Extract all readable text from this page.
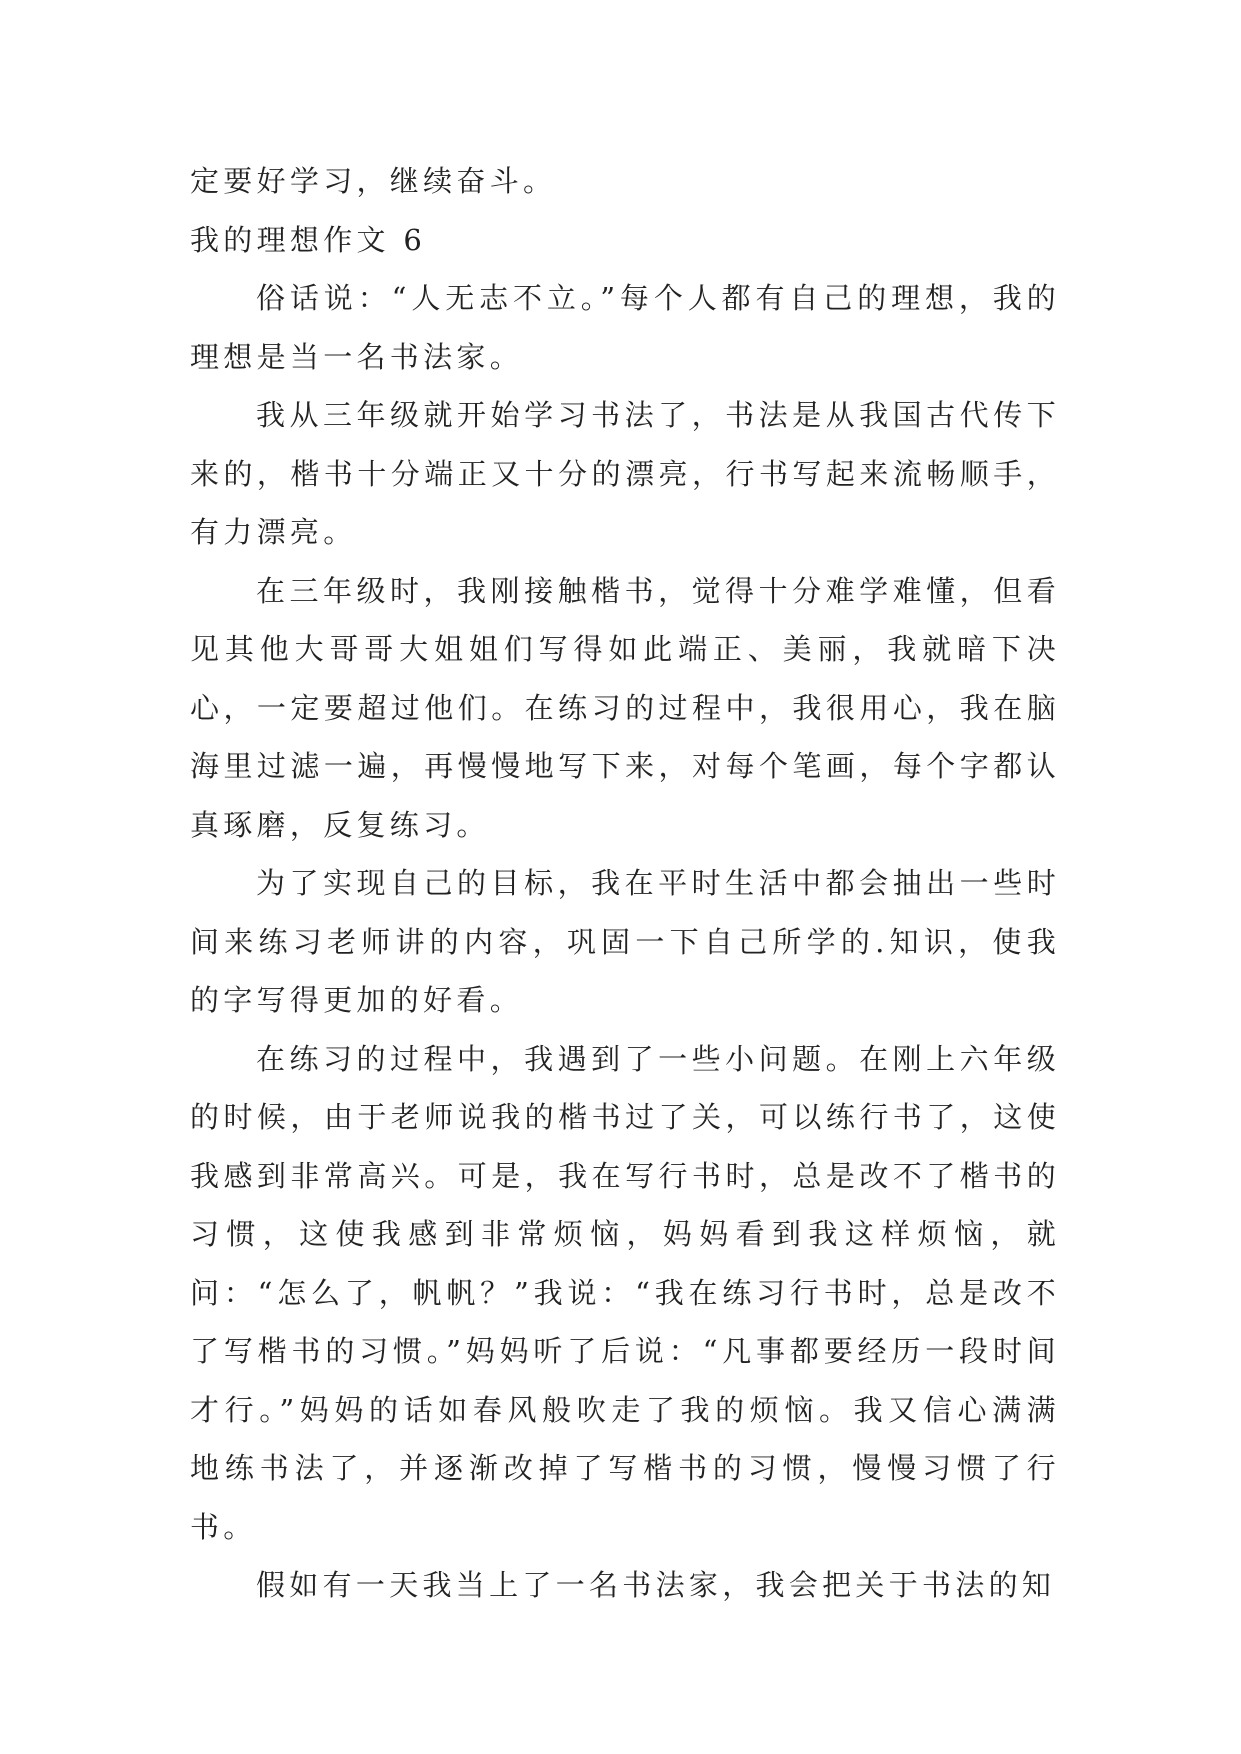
定要好学习，继续奋斗。

我的理想作文 6

俗话说：“人无志不立。”每个人都有自己的理想，我的理想是当一名书法家。

我从三年级就开始学习书法了，书法是从我国古代传下来的，楷书十分端正又十分的漂亮，行书写起来流畅顺手，有力漂亮。

在三年级时，我刚接触楷书，觉得十分难学难懂，但看见其他大哥哥大姐姐们写得如此端正、美丽，我就暗下决心，一定要超过他们。在练习的过程中，我很用心，我在脑海里过滤一遍，再慢慢地写下来，对每个笔画，每个字都认真琢磨，反复练习。

为了实现自己的目标，我在平时生活中都会抽出一些时间来练习老师讲的内容，巩固一下自己所学的.知识，使我的字写得更加的好看。

在练习的过程中，我遇到了一些小问题。在刚上六年级的时候，由于老师说我的楷书过了关，可以练行书了，这使我感到非常高兴。可是，我在写行书时，总是改不了楷书的习惯，这使我感到非常烦恼，妈妈看到我这样烦恼，就问：“怎么了，帆帆？”我说：“我在练习行书时，总是改不了写楷书的习惯。”妈妈听了后说：“凡事都要经历一段时间才行。”妈妈的话如春风般吹走了我的烦恼。我又信心满满地练书法了，并逐渐改掉了写楷书的习惯，慢慢习惯了行书。

假如有一天我当上了一名书法家，我会把关于书法的知
